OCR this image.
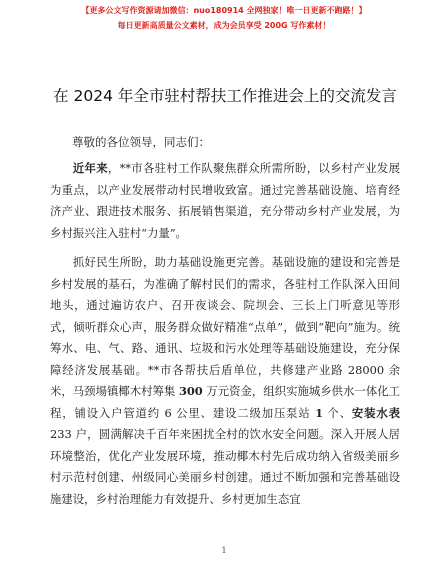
【更多公文写作资源请加微信：nuo180914 全网独家！唯一日更新不跑路！】
每日更新高质量公文素材，成为会员享受 200G 写作素材！
在 2024 年全市驻村帮扶工作推进会上的交流发言
尊敬的各位领导，同志们：

近年来，**市各驻村工作队聚焦群众所需所盼，以乡村产业发展为重点，以产业发展带动村民增收致富。通过完善基础设施、培育经济产业、跟进技术服务、拓展销售渠道，充分带动乡村产业发展，为乡村振兴注入驻村“力量”。

抓好民生所盼，助力基础设施更完善。基础设施的建设和完善是乡村发展的基石，为准确了解村民们的需求，各驻村工作队深入田间地头，通过遍访农户、召开夜谈会、院坝会、三长上门听意见等形式，倾听群众心声，服务群众做好精准“点单”，做到“靶向”施为。统筹水、电、气、路、通讯、垃圾和污水处理等基础设施建设，充分保障经济发展基础。**市各帮扶后盾单位，共修建产业路 28000 余米，马颈場镇椰木村筹集 300 万元资金，组织实施城乡供水一体化工程，铺设入户管道约 6 公里、建设二级加压泵站 1 个、安装水表 233 户，圆满解决千百年来困扰全村的饮水安全问题。深入开展人居环境整治，优化产业发展环境，推动椰木村先后成功纳入省级美丽乡村示范村创建、州级同心美丽乡村创建。通过不断加强和完善基础设施建设，乡村治理能力有效提升、乡村更加生态宜

1
